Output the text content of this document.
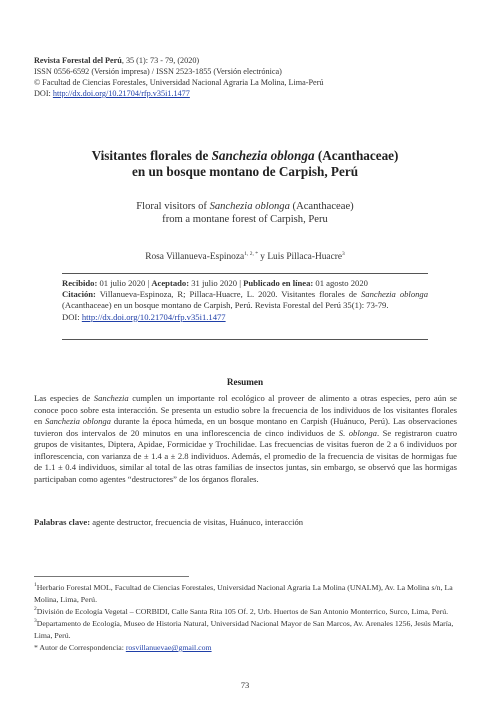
Revista Forestal del Perú, 35 (1): 73 - 79, (2020)
ISSN 0556-6592 (Versión impresa) / ISSN 2523-1855 (Versión electrónica)
© Facultad de Ciencias Forestales, Universidad Nacional Agraria La Molina, Lima-Perú
DOI: http://dx.doi.org/10.21704/rfp.v35i1.1477
Visitantes florales de Sanchezia oblonga (Acanthaceae)
en un bosque montano de Carpish, Perú
Floral visitors of Sanchezia oblonga (Acanthaceae)
from a montane forest of Carpish, Peru
Rosa Villanueva-Espinoza$^{1, 2, *}$ y Luis Pillaca-Huacre$^3$
Recibido: 01 julio 2020 | Aceptado: 31 julio 2020 | Publicado en línea: 01 agosto 2020
Citación: Villanueva-Espinoza, R; Pillaca-Huacre, L. 2020. Visitantes florales de Sanchezia oblonga (Acanthaceae) en un bosque montano de Carpish, Perú. Revista Forestal del Perú 35(1): 73-79.
DOI: http://dx.doi.org/10.21704/rfp.v35i1.1477
Resumen
Las especies de Sanchezia cumplen un importante rol ecológico al proveer de alimento a otras especies, pero aún se conoce poco sobre esta interacción. Se presenta un estudio sobre la frecuencia de los individuos de los visitantes florales en Sanchezia oblonga durante la época húmeda, en un bosque montano en Carpish (Huánuco, Perú). Las observaciones tuvieron dos intervalos de 20 minutos en una inflorescencia de cinco individuos de S. oblonga. Se registraron cuatro grupos de visitantes, Diptera, Apidae, Formicidae y Trochilidae. Las frecuencias de visitas fueron de 2 a 6 individuos por inflorescencia, con varianza de ± 1.4 a ± 2.8 individuos. Además, el promedio de la frecuencia de visitas de hormigas fue de 1.1 ± 0.4 individuos, similar al total de las otras familias de insectos juntas, sin embargo, se observó que las hormigas participaban como agentes “destructores” de los órganos florales.
Palabras clave: agente destructor, frecuencia de visitas, Huánuco, interacción
$^1$Herbario Forestal MOL, Facultad de Ciencias Forestales, Universidad Nacional Agraria La Molina (UNALM), Av. La Molina s/n, La Molina, Lima, Perú.
$^2$División de Ecología Vegetal – CORBIDI, Calle Santa Rita 105 Of. 2, Urb. Huertos de San Antonio Monterrico, Surco, Lima, Perú.
$^3$Departamento de Ecología, Museo de Historia Natural, Universidad Nacional Mayor de San Marcos, Av. Arenales 1256, Jesús María, Lima, Perú.
* Autor de Correspondencia: rosvillanuevae@gmail.com
73
